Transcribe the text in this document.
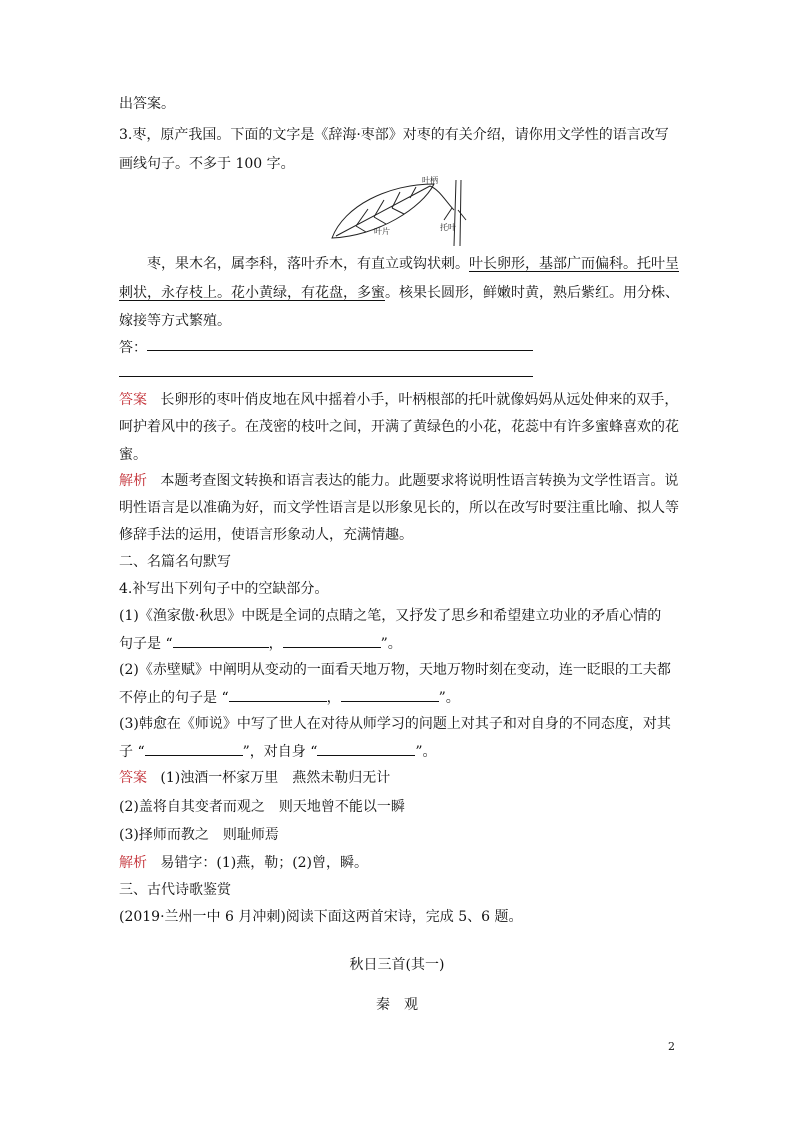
出答案。
3.枣，原产我国。下面的文字是《辞海·枣部》对枣的有关介绍，请你用文学性的语言改写
画线句子。不多于 100 字。
叶柄
叶片	托叶
枣，果木名，属李科，落叶乔木，有直立或钩状刺。叶长卵形，基部广而偏科。托叶呈
刺状，永存枝上。花小黄绿，有花盘，多蜜。核果长圆形，鲜嫩时黄，熟后紫红。用分株、
嫁接等方式繁殖。
答：
答案 长卵形的枣叶俏皮地在风中摇着小手，叶柄根部的托叶就像妈妈从远处伸来的双手，
呵护着风中的孩子。在茂密的枝叶之间，开满了黄绿色的小花，花蕊中有许多蜜蜂喜欢的花
蜜。
解析 本题考查图文转换和语言表达的能力。此题要求将说明性语言转换为文学性语言。说
明性语言是以准确为好，而文学性语言是以形象见长的，所以在改写时要注重比喻、拟人等
修辞手法的运用，使语言形象动人，充满情趣。
二、名篇名句默写
4.补写出下列句子中的空缺部分。
(1)《渔家傲·秋思》中既是全词的点睛之笔，又抒发了思乡和希望建立功业的矛盾心情的
句子是 “	，	”。
(2)《赤壁赋》中阐明从变动的一面看天地万物，天地万物时刻在变动，连一眨眼的工夫都
不停止的句子是 “	，	”。
(3)韩愈在《师说》中写了世人在对待从师学习的问题上对其子和对自身的不同态度，对其
子 “	”，对自身 “	”。
答案 (1)浊酒一杯家万里　燕然未勒归无计
(2)盖将自其变者而观之　则天地曾不能以一瞬
(3)择师而教之　则耻师焉
解析 易错字：(1)燕，勒；(2)曾，瞬。
三、古代诗歌鉴赏
(2019·兰州一中 6 月冲刺)阅读下面这两首宋诗，完成 5、6 题。
秋日三首(其一)
秦　观
2
